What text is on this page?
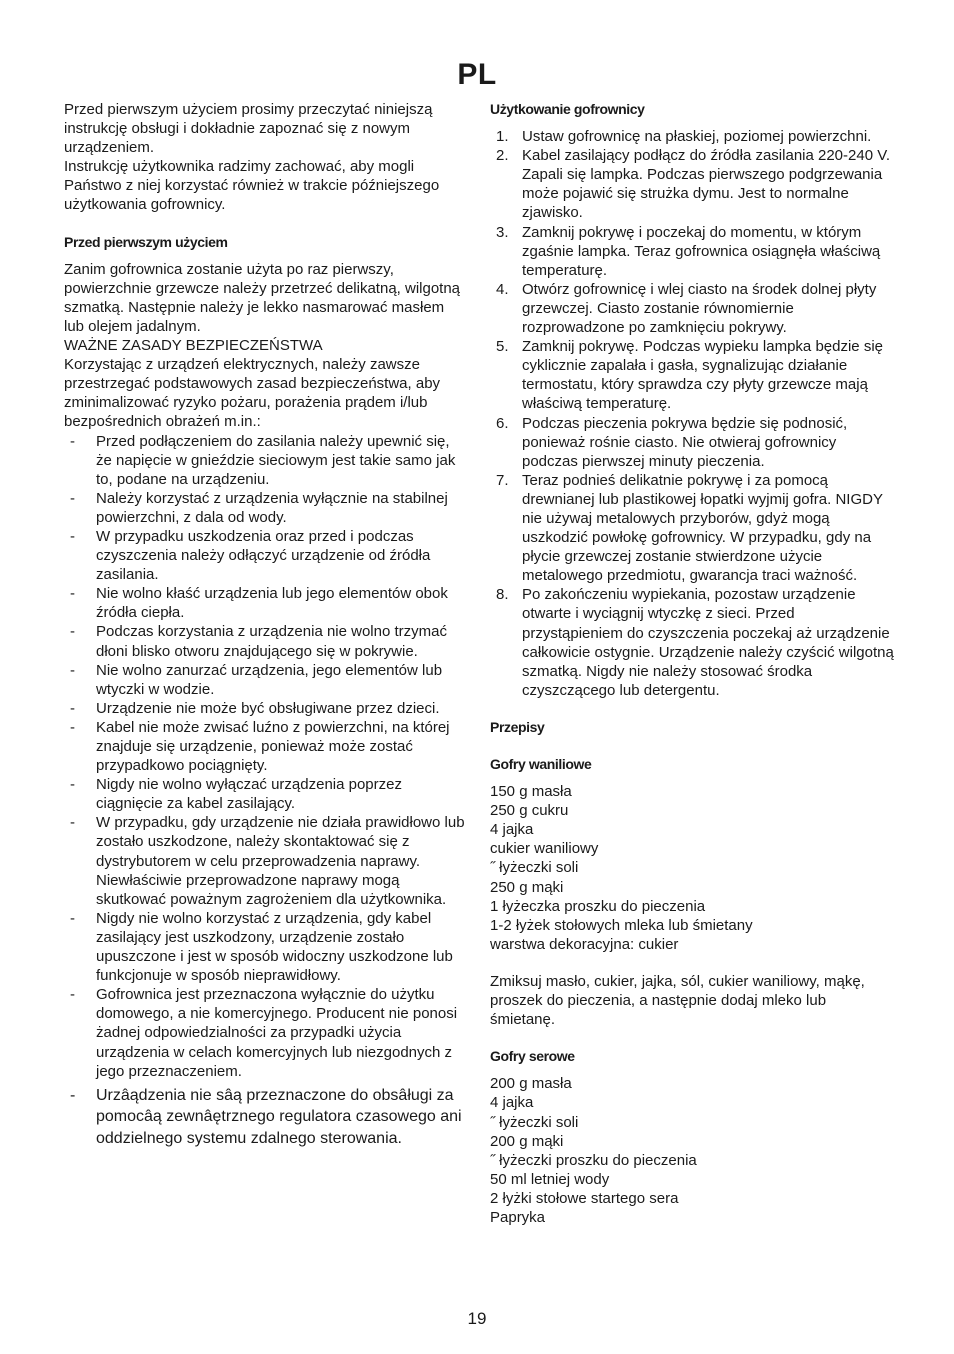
PL

Przed pierwszym użyciem prosimy przeczytać niniejszą instrukcję obsługi i dokładnie zapoznać się z nowym urządzeniem.

Instrukcję użytkownika radzimy zachować, aby mogli Państwo z niej korzystać również w trakcie późniejszego użytkowania gofrownicy.

Przed pierwszym użyciem

Zanim gofrownica zostanie użyta po raz pierwszy, powierzchnie grzewcze należy przetrzeć delikatną, wilgotną szmatką. Następnie należy je lekko nasmarować masłem lub olejem jadalnym.

WAŻNE ZASADY BEZPIECZEŃSTWA

Korzystając z urządzeń elektrycznych, należy zawsze przestrzegać podstawowych zasad bezpieczeństwa, aby zminimalizować ryzyko pożaru, porażenia prądem i/lub bezpośrednich obrażeń m.in.:

- Przed podłączeniem do zasilania należy upewnić się, że napięcie w gnieździe sieciowym jest takie samo jak to, podane na urządzeniu.
- Należy korzystać z urządzenia wyłącznie na stabilnej powierzchni, z dala od wody.
- W przypadku uszkodzenia oraz przed i podczas czyszczenia należy odłączyć urządzenie od źródła zasilania.
- Nie wolno kłaść urządzenia lub jego elementów obok źródła ciepła.
- Podczas korzystania z urządzenia nie wolno trzymać dłoni blisko otworu znajdującego się w pokrywie.
- Nie wolno zanurzać urządzenia, jego elementów lub wtyczki w wodzie.
- Urządzenie nie może być obsługiwane przez dzieci.
- Kabel nie może zwisać luźno z powierzchni, na której znajduje się urządzenie, ponieważ może zostać przypadkowo pociągnięty.
- Nigdy nie wolno wyłączać urządzenia poprzez ciągnięcie za kabel zasilający.
- W przypadku, gdy urządzenie nie działa prawidłowo lub zostało uszkodzone, należy skontaktować się z dystrybutorem w celu przeprowadzenia naprawy. Niewłaściwie przeprowadzone naprawy mogą skutkować poważnym zagrożeniem dla użytkownika.
- Nigdy nie wolno korzystać z urządzenia, gdy kabel zasilający jest uszkodzony, urządzenie zostało upuszczone i jest w sposób widoczny uszkodzone lub funkcjonuje w sposób nieprawidłowy.
- Gofrownica jest przeznaczona wyłącznie do użytku domowego, a nie komercyjnego. Producent nie ponosi żadnej odpowiedzialności za przypadki użycia urządzenia w celach komercyjnych lub niezgodnych z jego przeznaczeniem.
- Urzâądzenia nie sâą przeznaczone do obsâługi za pomocâą zewnâętrznego regulatora czasowego ani oddzielnego systemu zdalnego sterowania.

Użytkowanie gofrownicy

1. Ustaw gofrownicę na płaskiej, poziomej powierzchni.
2. Kabel zasilający podłącz do źródła zasilania 220-240 V. Zapali się lampka. Podczas pierwszego podgrzewania może pojawić się strużka dymu. Jest to normalne zjawisko.
3. Zamknij pokrywę i poczekaj do momentu, w którym zgaśnie lampka. Teraz gofrownica osiągnęła właściwą temperaturę.
4. Otwórz gofrownicę i wlej ciasto na środek dolnej płyty grzewczej. Ciasto zostanie równomiernie rozprowadzone po zamknięciu pokrywy.
5. Zamknij pokrywę. Podczas wypieku lampka będzie się cyklicznie zapalała i gasła, sygnalizując działanie termostatu, który sprawdza czy płyty grzewcze mają właściwą temperaturę.
6. Podczas pieczenia pokrywa będzie się podnosić, ponieważ rośnie ciasto. Nie otwieraj gofrownicy podczas pierwszej minuty pieczenia.
7. Teraz podnieś delikatnie pokrywę i za pomocą drewnianej lub plastikowej łopatki wyjmij gofra. NIGDY nie używaj metalowych przyborów, gdyż mogą uszkodzić powłokę gofrownicy. W przypadku, gdy na płycie grzewczej zostanie stwierdzone użycie metalowego przedmiotu, gwarancja traci ważność.
8. Po zakończeniu wypiekania, pozostaw urządzenie otwarte i wyciągnij wtyczkę z sieci. Przed przystąpieniem do czyszczenia poczekaj aż urządzenie całkowicie ostygnie. Urządzenie należy czyścić wilgotną szmatką. Nigdy nie należy stosować środka czyszczącego lub detergentu.

Przepisy

Gofry waniliowe

150 g masła

250 g cukru

4 jajka

cukier waniliowy

˝ łyżeczki soli

250 g mąki

1 łyżeczka proszku do pieczenia

1-2 łyżek stołowych mleka lub śmietany

warstwa dekoracyjna: cukier

Zmiksuj masło, cukier, jajka, sól, cukier waniliowy, mąkę, proszek do pieczenia, a następnie dodaj mleko lub śmietanę.

Gofry serowe

200 g masła

4 jajka

˝ łyżeczki soli

200 g mąki

˝ łyżeczki proszku do pieczenia

50 ml letniej wody

2 łyżki stołowe startego sera

Papryka

19
